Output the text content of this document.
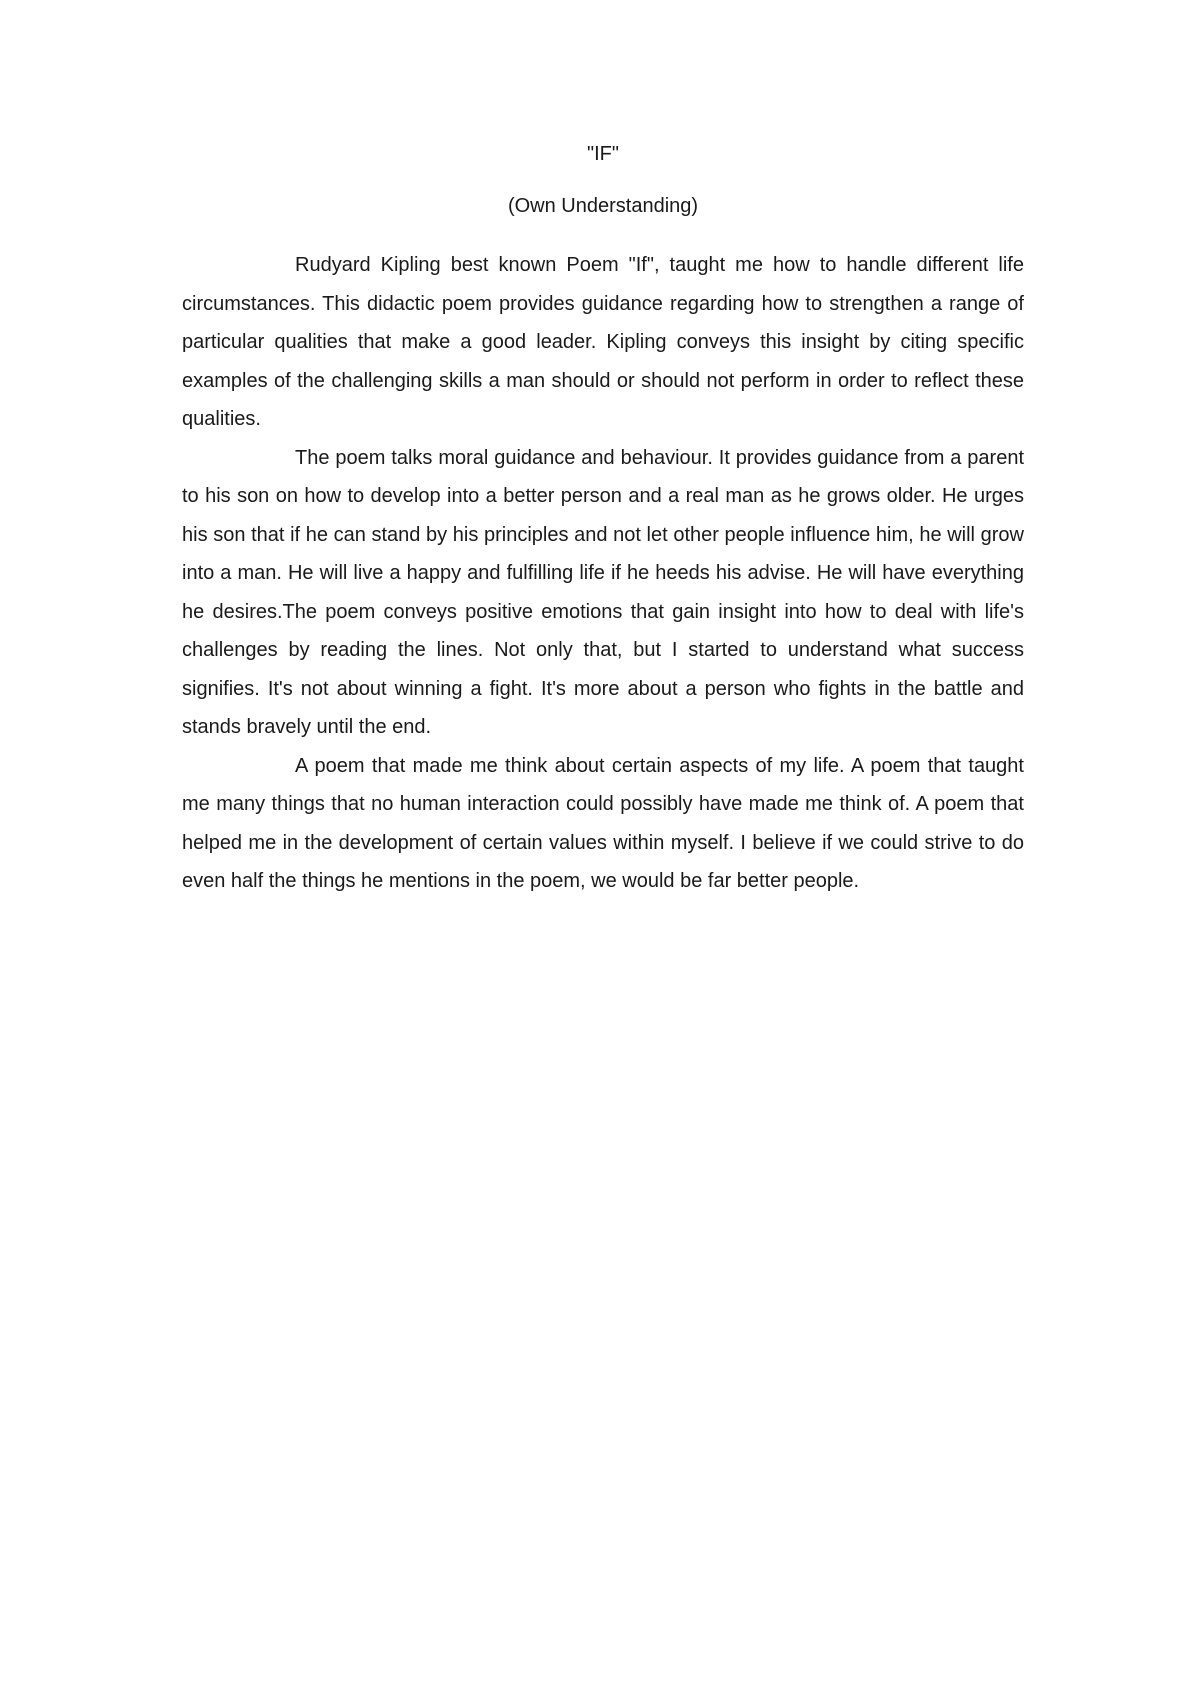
"IF"
(Own Understanding)

Rudyard Kipling best known Poem "If", taught me how to handle different life circumstances. This didactic poem provides guidance regarding how to strengthen a range of particular qualities that make a good leader. Kipling conveys this insight by citing specific examples of the challenging skills a man should or should not perform in order to reflect these qualities.

The poem talks moral guidance and behaviour. It provides guidance from a parent to his son on how to develop into a better person and a real man as he grows older. He urges his son that if he can stand by his principles and not let other people influence him, he will grow into a man. He will live a happy and fulfilling life if he heeds his advise. He will have everything he desires.The poem conveys positive emotions that gain insight into how to deal with life's challenges by reading the lines. Not only that, but I started to understand what success signifies. It's not about winning a fight. It's more about a person who fights in the battle and stands bravely until the end.

A poem that made me think about certain aspects of my life. A poem that taught me many things that no human interaction could possibly have made me think of. A poem that helped me in the development of certain values within myself. I believe if we could strive to do even half the things he mentions in the poem, we would be far better people.
